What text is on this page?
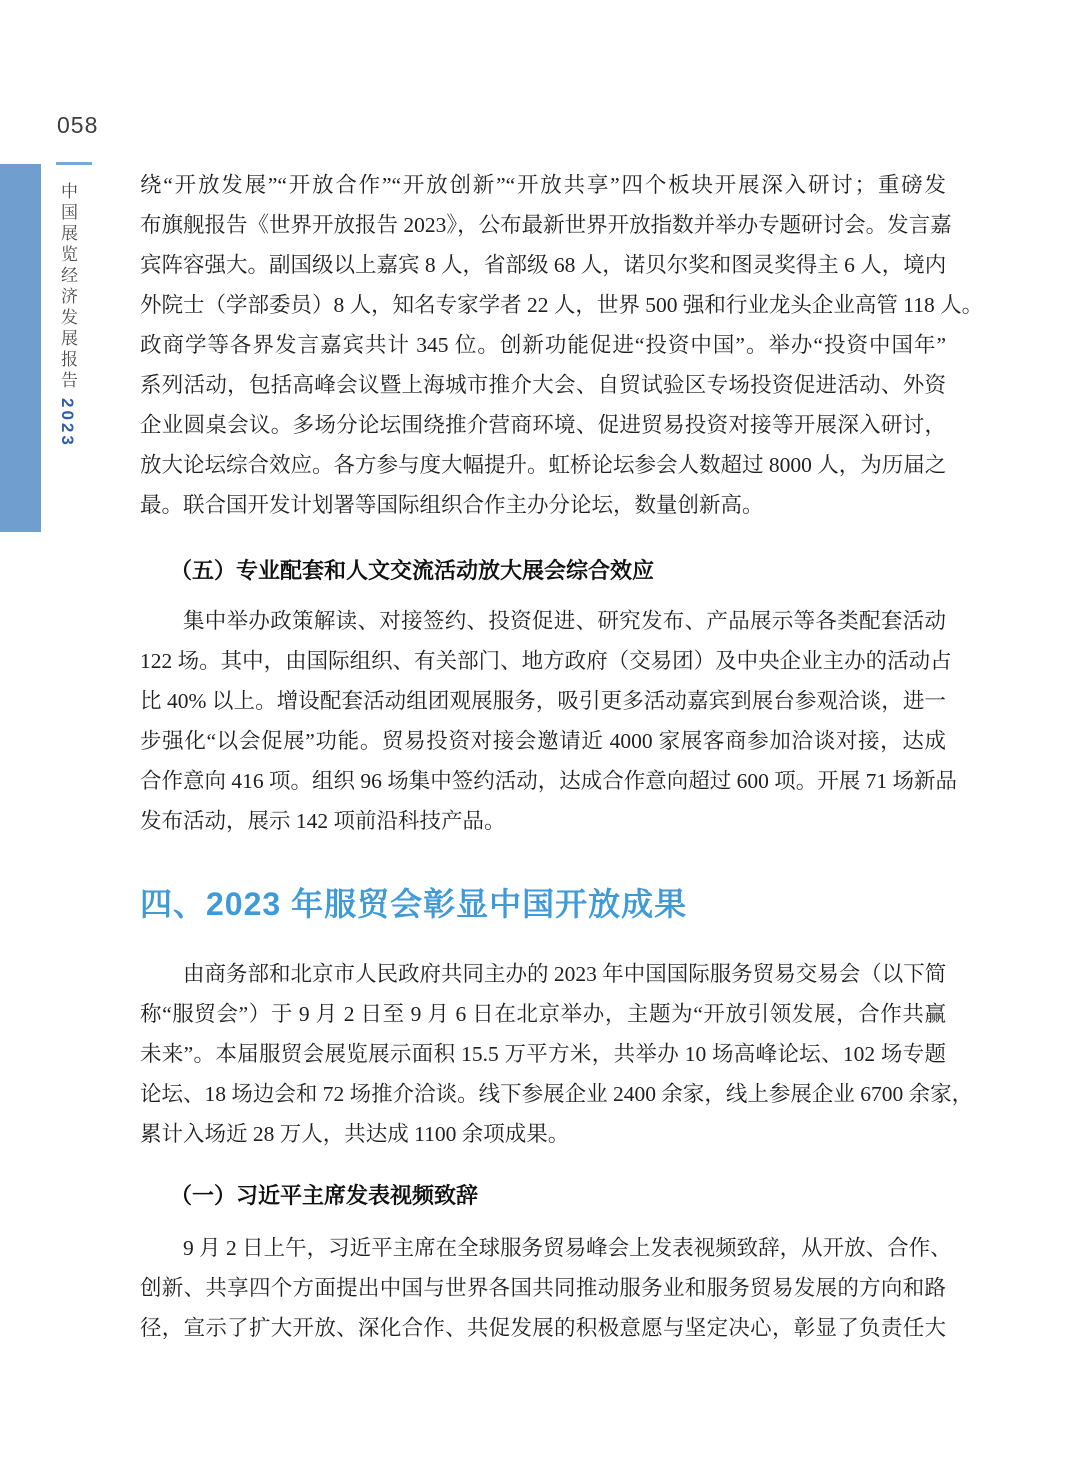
058
中国展览经济发展报告2023
绕“开放发展”“开放合作”“开放创新”“开放共享”四个板块开展深入研讨；重磅发
布旗舰报告《世界开放报告 2023》，公布最新世界开放指数并举办专题研讨会。发言嘉
宾阵容强大。副国级以上嘉宾 8 人，省部级 68 人，诺贝尔奖和图灵奖得主 6 人，境内
外院士（学部委员）8 人，知名专家学者 22 人，世界 500 强和行业龙头企业高管 118 人。
政商学等各界发言嘉宾共计 345 位。创新功能促进“投资中国”。举办“投资中国年”
系列活动，包括高峰会议暨上海城市推介大会、自贸试验区专场投资促进活动、外资
企业圆桌会议。多场分论坛围绕推介营商环境、促进贸易投资对接等开展深入研讨，
放大论坛综合效应。各方参与度大幅提升。虹桥论坛参会人数超过 8000 人，为历届之
最。联合国开发计划署等国际组织合作主办分论坛，数量创新高。
（五）专业配套和人文交流活动放大展会综合效应
集中举办政策解读、对接签约、投资促进、研究发布、产品展示等各类配套活动
122 场。其中，由国际组织、有关部门、地方政府（交易团）及中央企业主办的活动占
比 40% 以上。增设配套活动组团观展服务，吸引更多活动嘉宾到展台参观洽谈，进一
步强化“以会促展”功能。贸易投资对接会邀请近 4000 家展客商参加洽谈对接，达成
合作意向 416 项。组织 96 场集中签约活动，达成合作意向超过 600 项。开展 71 场新品
发布活动，展示 142 项前沿科技产品。
四、2023 年服贸会彰显中国开放成果
由商务部和北京市人民政府共同主办的 2023 年中国国际服务贸易交易会（以下简
称“服贸会”）于 9 月 2 日至 9 月 6 日在北京举办，主题为“开放引领发展，合作共赢
未来”。本届服贸会展览展示面积 15.5 万平方米，共举办 10 场高峰论坛、102 场专题
论坛、18 场边会和 72 场推介洽谈。线下参展企业 2400 余家，线上参展企业 6700 余家，
累计入场近 28 万人，共达成 1100 余项成果。
（一）习近平主席发表视频致辞
9 月 2 日上午，习近平主席在全球服务贸易峰会上发表视频致辞，从开放、合作、
创新、共享四个方面提出中国与世界各国共同推动服务业和服务贸易发展的方向和路
径，宣示了扩大开放、深化合作、共促发展的积极意愿与坚定决心，彰显了负责任大
